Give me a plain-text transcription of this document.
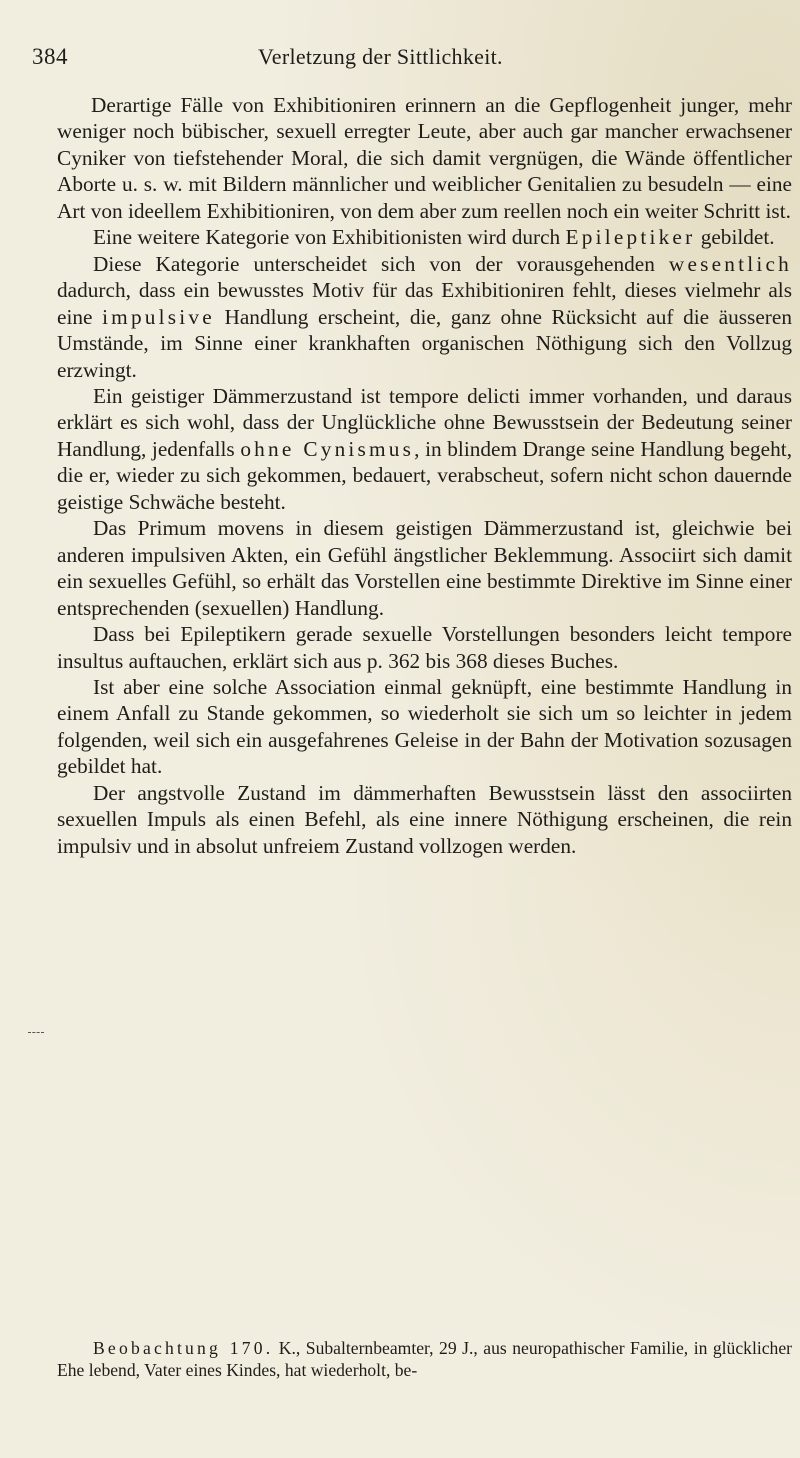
384	Verletzung der Sittlichkeit.

Derartige Fälle von Exhibitioniren erinnern an die Gepflogenheit junger, mehr weniger noch bübischer, sexuell erregter Leute, aber auch gar mancher erwachsener Cyniker von tiefstehender Moral, die sich damit vergnügen, die Wände öffentlicher Aborte u. s. w. mit Bildern männlicher und weiblicher Genitalien zu besudeln — eine Art von ideellem Exhibitioniren, von dem aber zum reellen noch ein weiter Schritt ist.

Eine weitere Kategorie von Exhibitionisten wird durch Epileptiker gebildet.

Diese Kategorie unterscheidet sich von der vorausgehenden wesentlich dadurch, dass ein bewusstes Motiv für das Exhibitioniren fehlt, dieses vielmehr als eine impulsive Handlung erscheint, die, ganz ohne Rücksicht auf die äusseren Umstände, im Sinne einer krankhaften organischen Nöthigung sich den Vollzug erzwingt.

Ein geistiger Dämmerzustand ist tempore delicti immer vorhanden, und daraus erklärt es sich wohl, dass der Unglückliche ohne Bewusstsein der Bedeutung seiner Handlung, jedenfalls ohne Cynismus, in blindem Drange seine Handlung begeht, die er, wieder zu sich gekommen, bedauert, verabscheut, sofern nicht schon dauernde geistige Schwäche besteht.

Das Primum movens in diesem geistigen Dämmerzustand ist, gleichwie bei anderen impulsiven Akten, ein Gefühl ängstlicher Beklemmung. Associirt sich damit ein sexuelles Gefühl, so erhält das Vorstellen eine bestimmte Direktive im Sinne einer entsprechenden (sexuellen) Handlung.

Dass bei Epileptikern gerade sexuelle Vorstellungen besonders leicht tempore insultus auftauchen, erklärt sich aus p. 362 bis 368 dieses Buches.

Ist aber eine solche Association einmal geknüpft, eine bestimmte Handlung in einem Anfall zu Stande gekommen, so wiederholt sie sich um so leichter in jedem folgenden, weil sich ein ausgefahrenes Geleise in der Bahn der Motivation sozusagen gebildet hat.

Der angstvolle Zustand im dämmerhaften Bewusstsein lässt den associirten sexuellen Impuls als einen Befehl, als eine innere Nöthigung erscheinen, die rein impulsiv und in absolut unfreiem Zustand vollzogen werden.

Beobachtung 170. K., Subalternbeamter, 29 J., aus neuropathischer Familie, in glücklicher Ehe lebend, Vater eines Kindes, hat wiederholt, be-
